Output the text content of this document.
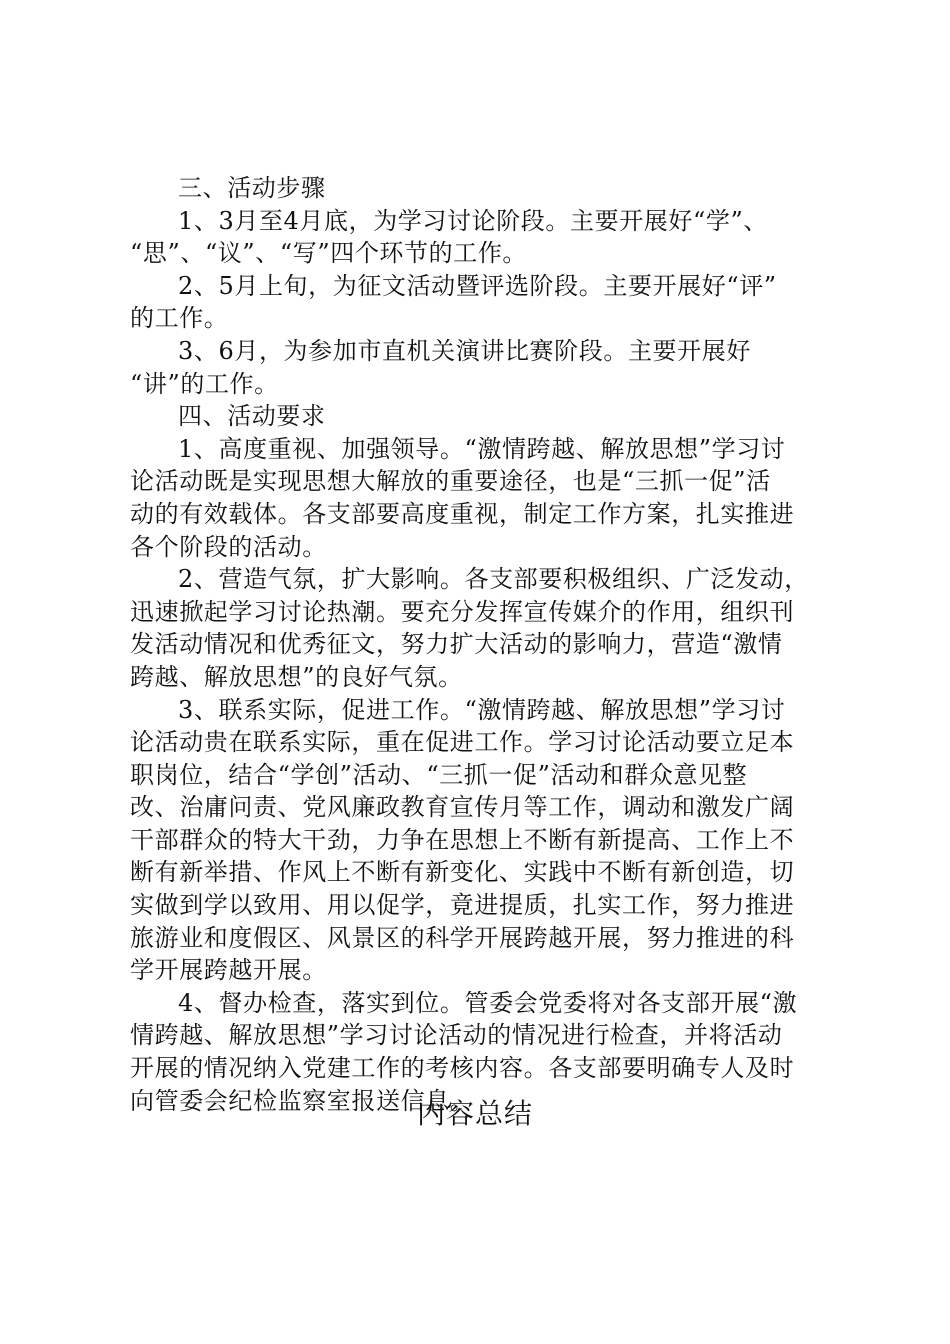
三、活动步骤
1、3月至4月底，为学习讨论阶段。主要开展好“学”、
“思”、“议”、“写”四个环节的工作。
2、5月上旬，为征文活动暨评选阶段。主要开展好“评”
的工作。
3、6月，为参加市直机关演讲比赛阶段。主要开展好
“讲”的工作。
四、活动要求
1、高度重视、加强领导。“激情跨越、解放思想”学习讨
论活动既是实现思想大解放的重要途径，也是“三抓一促”活
动的有效载体。各支部要高度重视，制定工作方案，扎实推进
各个阶段的活动。
2、营造气氛，扩大影响。各支部要积极组织、广泛发动，
迅速掀起学习讨论热潮。要充分发挥宣传媒介的作用，组织刊
发活动情况和优秀征文，努力扩大活动的影响力，营造“激情
跨越、解放思想”的良好气氛。
3、联系实际，促进工作。“激情跨越、解放思想”学习讨
论活动贵在联系实际，重在促进工作。学习讨论活动要立足本
职岗位，结合“学创”活动、“三抓一促”活动和群众意见整
改、治庸问责、党风廉政教育宣传月等工作，调动和激发广阔
干部群众的特大干劲，力争在思想上不断有新提高、工作上不
断有新举措、作风上不断有新变化、实践中不断有新创造，切
实做到学以致用、用以促学，竟进提质，扎实工作，努力推进
旅游业和度假区、风景区的科学开展跨越开展，努力推进的科
学开展跨越开展。
4、督办检查，落实到位。管委会党委将对各支部开展“激
情跨越、解放思想”学习讨论活动的情况进行检查，并将活动
开展的情况纳入党建工作的考核内容。各支部要明确专人及时
向管委会纪检监察室报送信息。
内容总结
